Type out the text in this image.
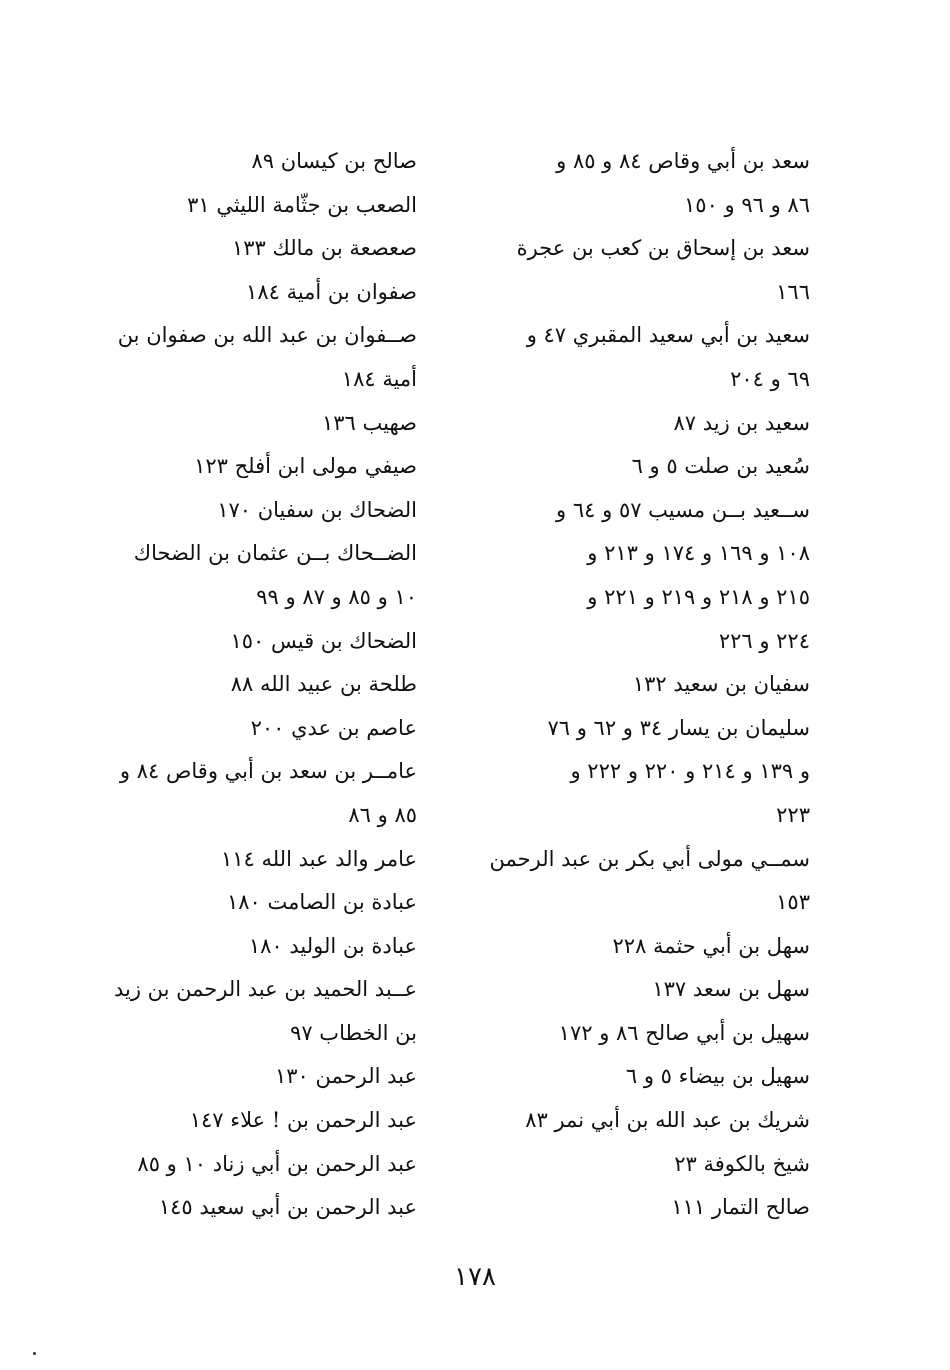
سعد بن أبي وقاص ٨٤ و ٨٥ و
٨٦ و ٩٦ و ١٥٠
سعد بن إسحاق بن كعب بن عجرة
١٦٦
سعيد بن أبي سعيد المقبري ٤٧ و
٦٩ و ٢٠٤
سعيد بن زيد ٨٧
سُعيد بن صلت ٥ و ٦
ســعيد بــن مسيب ٥٧ و ٦٤ و
١٠٨ و ١٦٩ و ١٧٤ و ٢١٣ و
٢١٥ و ٢١٨ و ٢١٩ و ٢٢١ و
٢٢٤ و ٢٢٦
سفيان بن سعيد ١٣٢
سليمان بن يسار ٣٤ و ٦٢ و ٧٦
و ١٣٩ و ٢١٤ و ٢٢٠ و ٢٢٢ و
٢٢٣
سمــي مولى أبي بكر بن عبد الرحمن
١٥٣
سهل بن أبي حثمة ٢٢٨
سهل بن سعد ١٣٧
سهيل بن أبي صالح ٨٦ و ١٧٢
سهيل بن بيضاء ٥ و ٦
شريك بن عبد الله بن أبي نمر ٨٣
شيخ بالكوفة ٢٣
صالح التمار ١١١
صالح بن كيسان ٨٩
الصعب بن جثّامة الليثي ٣١
صعصعة بن مالك ١٣٣
صفوان بن أمية ١٨٤
صــفوان بن عبد الله بن صفوان بن
أمية ١٨٤
صهيب ١٣٦
صيفي مولى ابن أفلح ١٢٣
الضحاك بن سفيان ١٧٠
الضــحاك بــن عثمان بن الضحاك
١٠ و ٨٥ و ٨٧ و ٩٩
الضحاك بن قيس ١٥٠
طلحة بن عبيد الله ٨٨
عاصم بن عدي ٢٠٠
عامــر بن سعد بن أبي وقاص ٨٤ و
٨٥ و ٨٦
عامر والد عبد الله ١١٤
عبادة بن الصامت ١٨٠
عبادة بن الوليد ١٨٠
عــبد الحميد بن عبد الرحمن بن زيد
بن الخطاب ٩٧
عبد الرحمن ١٣٠
عبد الرحمن بن ! علاء ١٤٧
عبد الرحمن بن أبي زناد ١٠ و ٨٥
عبد الرحمن بن أبي سعيد ١٤٥
١٧٨
